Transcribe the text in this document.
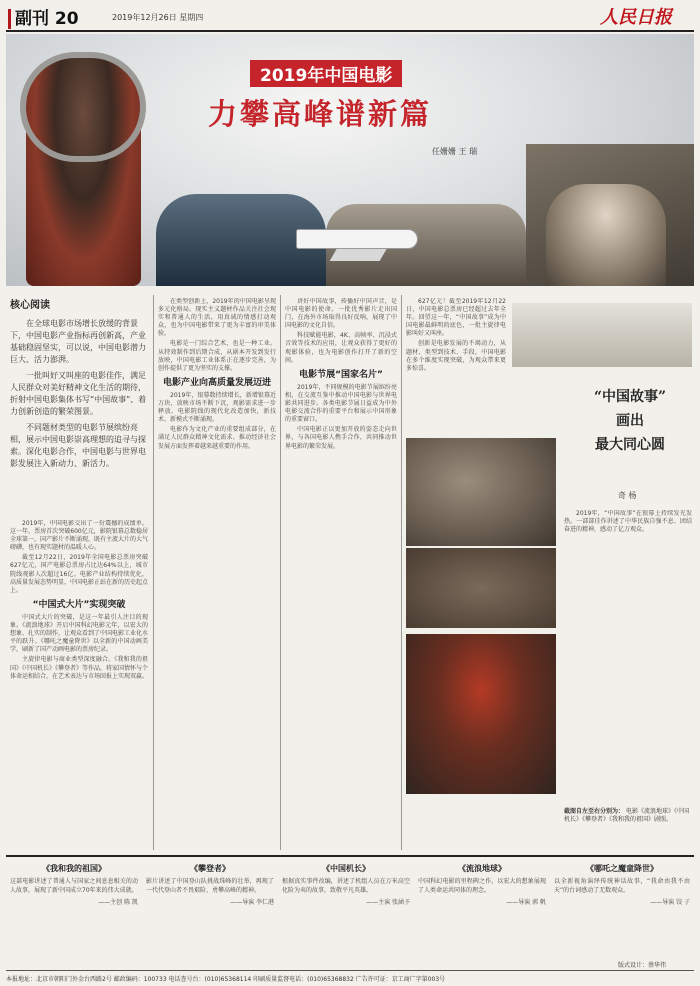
副刊 20	2019年12月26日 星期四	人民日报
2019年中国电影
力攀高峰谱新篇
任姗姗 王 瑞
核心阅读

在全球电影市场增长放缓的背景下，中国电影产业指标再创新高，产业基础稳固坚实，可以说，中国电影潜力巨大、活力澎湃。

一批叫好又叫座的电影佳作，满足人民群众对美好精神文化生活的期待，折射中国电影集体书写“中国故事”、着力创新创造的繁荣图景。

不同题材类型的电影节展缤纷亮相，展示中国电影崇高理想的追寻与探索。深化电影合作，中国电影与世界电影发展注入新动力、新活力。

2019年，中国电影交出了一份震撼的成绩单。这一年，票房首次突破600亿元，影院银幕总数稳居全球第一，国产影片不断涌现，既有主流大片的大气磅礴，也有现实题材的温暖人心。

截至12月22日，2019年全国电影总票房突破627亿元，国产电影总票房占比达64%以上，城市院线观影人次超过16亿。电影产业结构持续优化，高质量发展态势明显，中国电影正站在新的历史起点上。

“中国式大片”实现突破

中国式大片的突破，是这一年最引人注目的现象。《流浪地球》开启中国科幻电影元年，以宏大的想象、扎实的制作，让观众看到了中国电影工业化水平的跃升。《哪吒之魔童降世》以全新的中国动画美学，刷新了国产动画电影的票房纪录。

主旋律电影与商业类型深度融合。《我和我的祖国》《中国机长》《攀登者》等作品，将家国情怀与个体命运相结合，在艺术表达与市场回报上实现双赢。

在类型创新上，2019年的中国电影呈现多元化格局。现实主义题材作品关注社会现实和普通人的生活，用真诚的情感打动观众，也为中国电影带来了更为丰富的审美体验。

电影是一门综合艺术，也是一种工业。从特效制作到后期合成，从剧本开发到发行放映，中国电影工业体系正在逐步完善，为创作提供了更为坚实的支撑。

电影产业向高质量发展迈进

2019年，银幕数持续增长，新增银幕近万块，放映市场不断下沉，观影需求进一步释放。电影院线的现代化改造加快，新技术、新模式不断涌现。

电影作为文化产业的重要组成部分，在满足人民群众精神文化需求、推动经济社会发展方面发挥着越来越重要的作用。

讲好中国故事，传播好中国声音，是中国电影的使命。一批优秀影片走出国门，在海外市场取得良好反响，展现了中国电影的文化自信。

科技赋能电影，4K、高帧率、沉浸式音效等技术的应用，让观众获得了更好的观影体验，也为电影创作打开了新的空间。

电影节展“国家名片”

2019年，不同规模的电影节展缤纷亮相，在交流互鉴中推动中国电影与世界电影共同进步。各类电影节展日益成为中外电影交流合作的重要平台和展示中国形象的重要窗口。

中国电影正以更加开放的姿态走向世界，与各国电影人携手合作，共同推动世界电影的繁荣发展。

627亿元！截至2019年12月22日，中国电影总票房已经超过去年全年。回望这一年，“中国故事”成为中国电影最鲜明的底色，一批主旋律电影叫好又叫座。

创新是电影发展的不竭动力，从题材、类型到技术、手段，中国电影在多个维度实现突破，为观众带来更多惊喜。

“中国故事”
画出
最大同心圆
奇 杨

2019年，“中国故事”在银幕上持续发光发热。一部部佳作讲述了中华民族自强不息、团结奋进的精神，感动了亿万观众。

截图自左至右分别为： 电影《流浪地球》《中国机长》《攀登者》《我和我的祖国》剧照。
《我和我的祖国》
这部电影讲述了普通人与国家之间息息相关的动人故事，展现了新中国成立70年来的伟大成就。
——主创 陈 凯
《攀登者》
影片讲述了中国登山队挑战珠峰的壮举，再现了一代代登山者不畏艰险、勇攀高峰的精神。
——导演 李仁港
《中国机长》
根据真实事件改编，讲述了机组人员在万米高空化险为夷的故事，致敬平凡英雄。
——主演 张涵予
《流浪地球》
中国科幻电影的里程碑之作，以宏大的想象展现了人类命运共同体的理念。
——导演 郭 帆
《哪吒之魔童降世》
以全新视角演绎传统神话故事，“我命由我不由天”的台词感动了无数观众。
——导演 饺 子
版式设计：蔡华伟
本报地址：北京市朝阳门外金台西路2号 邮政编码：100733 电话查号台：(010)65368114 印刷质量监督电话：(010)65368832 广告许可证：京工商广字第003号
